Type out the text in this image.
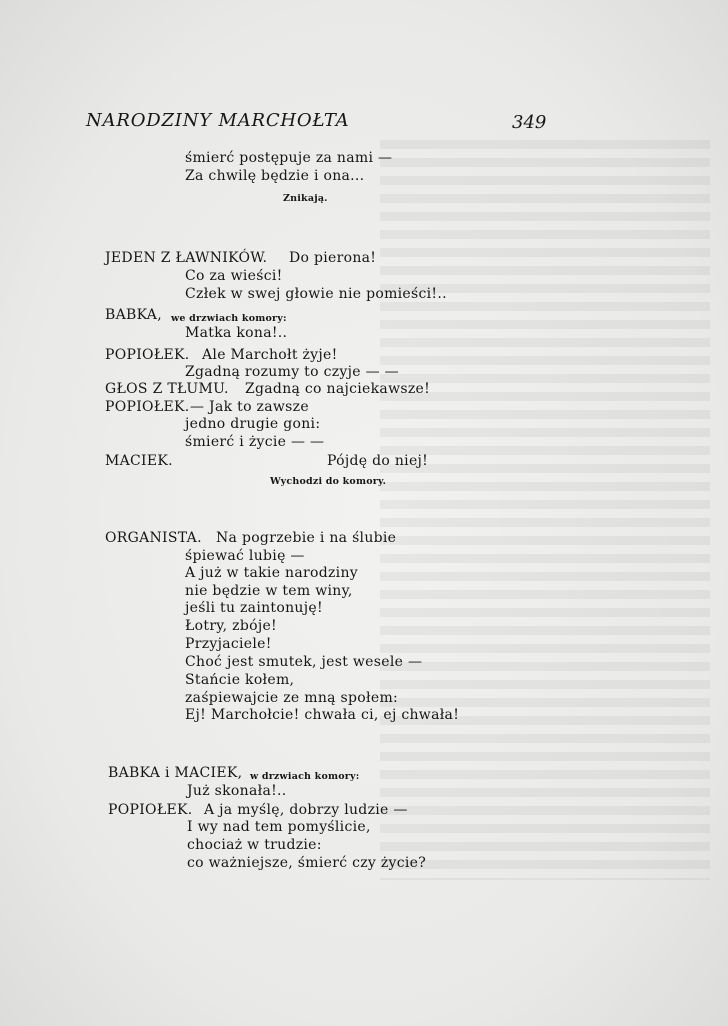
NARODZINY MARCHOŁTA	349
śmierć postępuje za nami —
Za chwilę będzie i ona...
Znikają.
JEDEN Z ŁAWNIKÓW. Do pierona!
Co za wieści!
Człek w swej głowie nie pomieści!..
BABKA, we drzwiach komory:
Matka kona!..
POPIOŁEK. Ale Marchołt żyje!
Zgadną rozumy to czyje — —
GŁOS Z TŁUMU. Zgadną co najciekawsze!
POPIOŁEK. — Jak to zawsze
jedno drugie goni:
śmierć i życie — —
MACIEK.	Pójdę do niej!
Wychodzi do komory.
ORGANISTA. Na pogrzebie i na ślubie
śpiewać lubię —
A już w takie narodziny
nie będzie w tem winy,
jeśli tu zaintonuję!
Łotry, zbóje!
Przyjaciele!
Choć jest smutek, jest wesele —
Stańcie kołem,
zaśpiewajcie ze mną społem:
Ej! Marchołcie! chwała ci, ej chwała!
BABKA i MACIEK, w drzwiach komory:
Już skonała!..
POPIOŁEK. A ja myślę, dobrzy ludzie —
I wy nad tem pomyślicie,
chociaż w trudzie:
co ważniejsze, śmierć czy życie?
